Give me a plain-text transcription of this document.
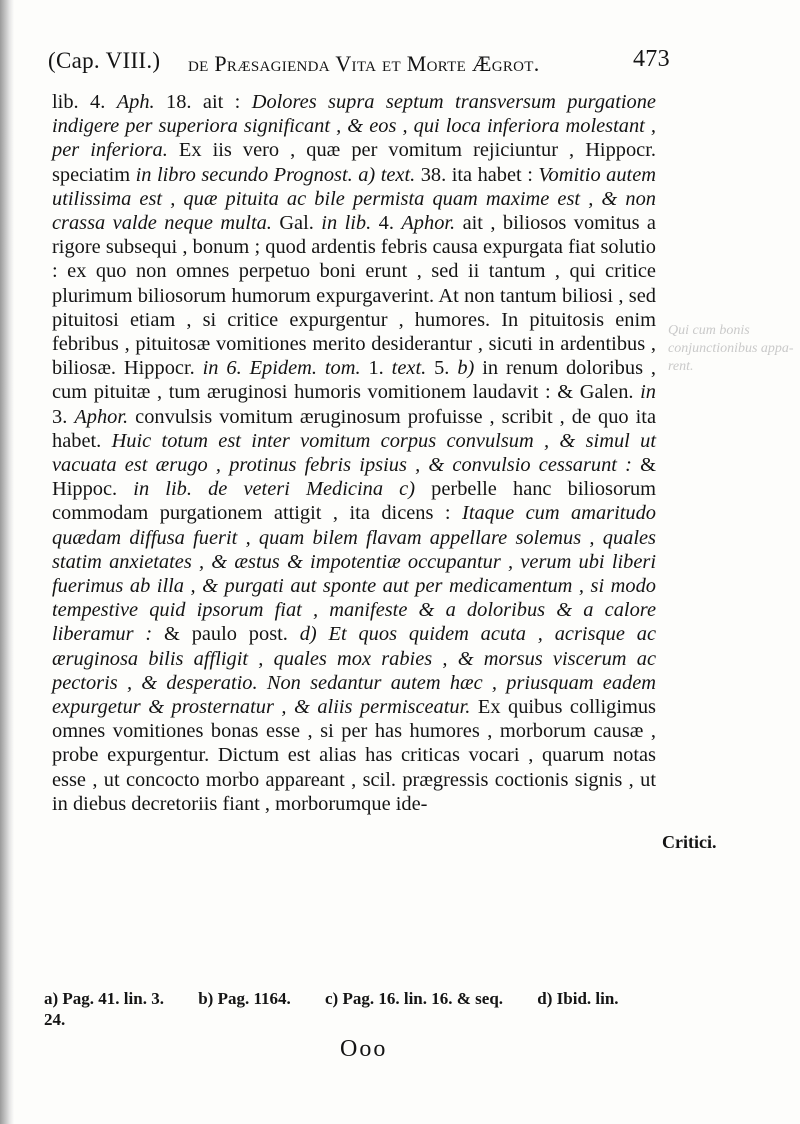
(Cap. VIII.) de Præsagienda Vita et Morte Ægrot.	473

lib. 4. Aph. 18. ait : Dolores supra septum transversum purgatione indigere per superiora significant , & eos , qui loca inferiora molestant , per inferiora. Ex iis vero , quæ per vomitum rejiciuntur , Hippocr. speciatim in libro secundo Prognost. a) text. 38. ita habet : Vomitio autem utilissima est , quæ pituita ac bile permista quam maxime est , & non crassa valde neque multa. Gal. in lib. 4. Aphor. ait , biliosos vomitus a rigore subsequi , bonum ; quod ardentis febris causa expurgata fiat solutio : ex quo non omnes perpetuo boni erunt , sed ii tantum , qui critice plurimum biliosorum humorum expurgaverint. At non tantum biliosi , sed pituitosi etiam , si critice expurgentur , humores. In pituitosis enim febribus , pituitosæ vomitiones merito desiderantur , sicuti in ardentibus , biliosæ. Hippocr. in 6. Epidem. tom. 1. text. 5. b) in renum doloribus , cum pituitæ , tum æruginosi humoris vomitionem laudavit : & Galen. in 3. Aphor. convulsis vomitum æruginosum profuisse , scribit , de quo ita habet. Huic totum est inter vomitum corpus convulsum , & simul ut vacuata est ærugo , protinus febris ipsius , & convulsio cessarunt : & Hippoc. in lib. de veteri Medicina c) perbelle hanc biliosorum commodam purgationem attigit , ita dicens : Itaque cum amaritudo quædam diffusa fuerit , quam bilem flavam appellare solemus , quales statim anxietates , & æstus & impotentiæ occupantur , verum ubi liberi fuerimus ab illa , & purgati aut sponte aut per medicamentum , si modo tempestive quid ipsorum fiat , manifeste & a doloribus & a calore liberamur : & paulo post. d) Et quos quidem acuta , acrisque ac æruginosa bilis affligit , quales mox rabies , & morsus viscerum ac pectoris , & desperatio. Non sedantur autem hæc , priusquam eadem expurgetur & prosternatur , & aliis permisceatur. Ex quibus colligimus omnes vomitiones bonas esse , si per has humores , morborum causæ , probe expurgentur. Dictum est alias has criticas vocari , quarum notas esse , ut concocto morbo appareant , scil. prægressis coctionis signis , ut in diebus decretoriis fiant , morborumque ide-

Qui cum bonis conjunctionibus appa- rent.
Critici.
a) Pag. 41. lin. 3. b) Pag. 1164. c) Pag. 16. lin. 16. & seq. d) Ibid. lin. 24.
Ooo
